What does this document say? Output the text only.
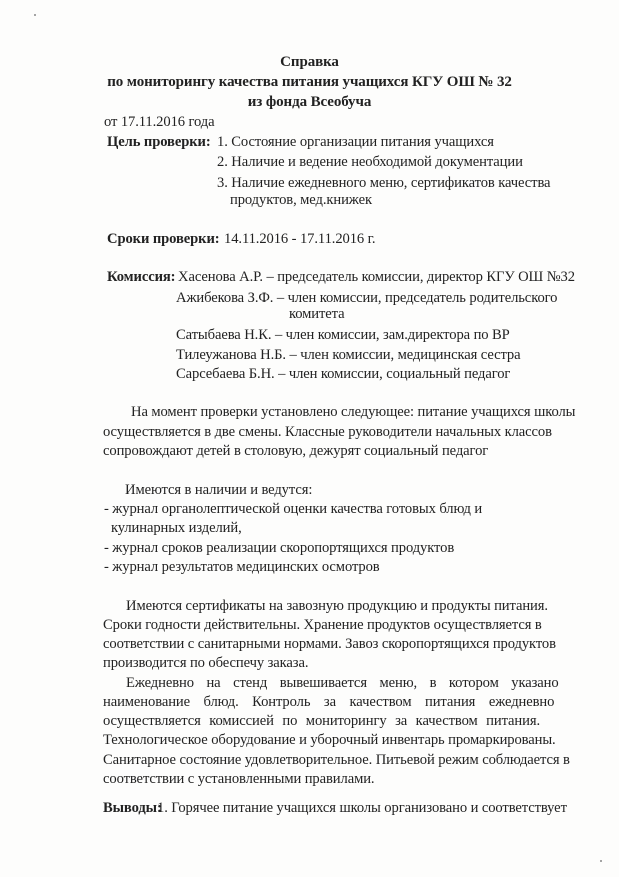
Справка
по мониторингу качества питания учащихся КГУ ОШ № 32
из фонда Всеобуча
от 17.11.2016 года
Цель проверки: 1. Состояние организации питания учащихся
2. Наличие и ведение необходимой документации
3. Наличие ежедневного меню, сертификатов качества
продуктов, мед.книжек
Сроки проверки: 14.11.2016 - 17.11.2016 г.
Комиссия: Хасенова А.Р. – председатель комиссии, директор КГУ ОШ №32
Ажибекова З.Ф. – член комиссии, председатель родительского
комитета
Сатыбаева Н.К. – член комиссии, зам.директора по ВР
Тилеужанова Н.Б. – член комиссии, медицинская сестра
Сарсебаева Б.Н. – член комиссии, социальный педагог
На момент проверки установлено следующее: питание учащихся школы
осуществляется в две смены. Классные руководители начальных классов
сопровождают детей в столовую, дежурят социальный педагог
Имеются в наличии и ведутся:
- журнал органолептической оценки качества готовых блюд и
кулинарных изделий,
- журнал сроков реализации скоропортящихся продуктов
- журнал результатов медицинских осмотров
Имеются сертификаты на завозную продукцию и продукты питания.
Сроки годности действительны. Хранение продуктов осуществляется в
соответствии с санитарными нормами. Завоз скоропортящихся продуктов
производится по обеспечу заказа.
Ежедневно на стенд вывешивается меню, в котором указано
наименование блюд. Контроль за качеством питания ежедневно
осуществляется комиссией по мониторингу за качеством питания.
Технологическое оборудование и уборочный инвентарь промаркированы.
Санитарное состояние удовлетворительное. Питьевой режим соблюдается в
соответствии с установленными правилами.
Выводы:
1. Горячее питание учащихся школы организовано и соответствует
